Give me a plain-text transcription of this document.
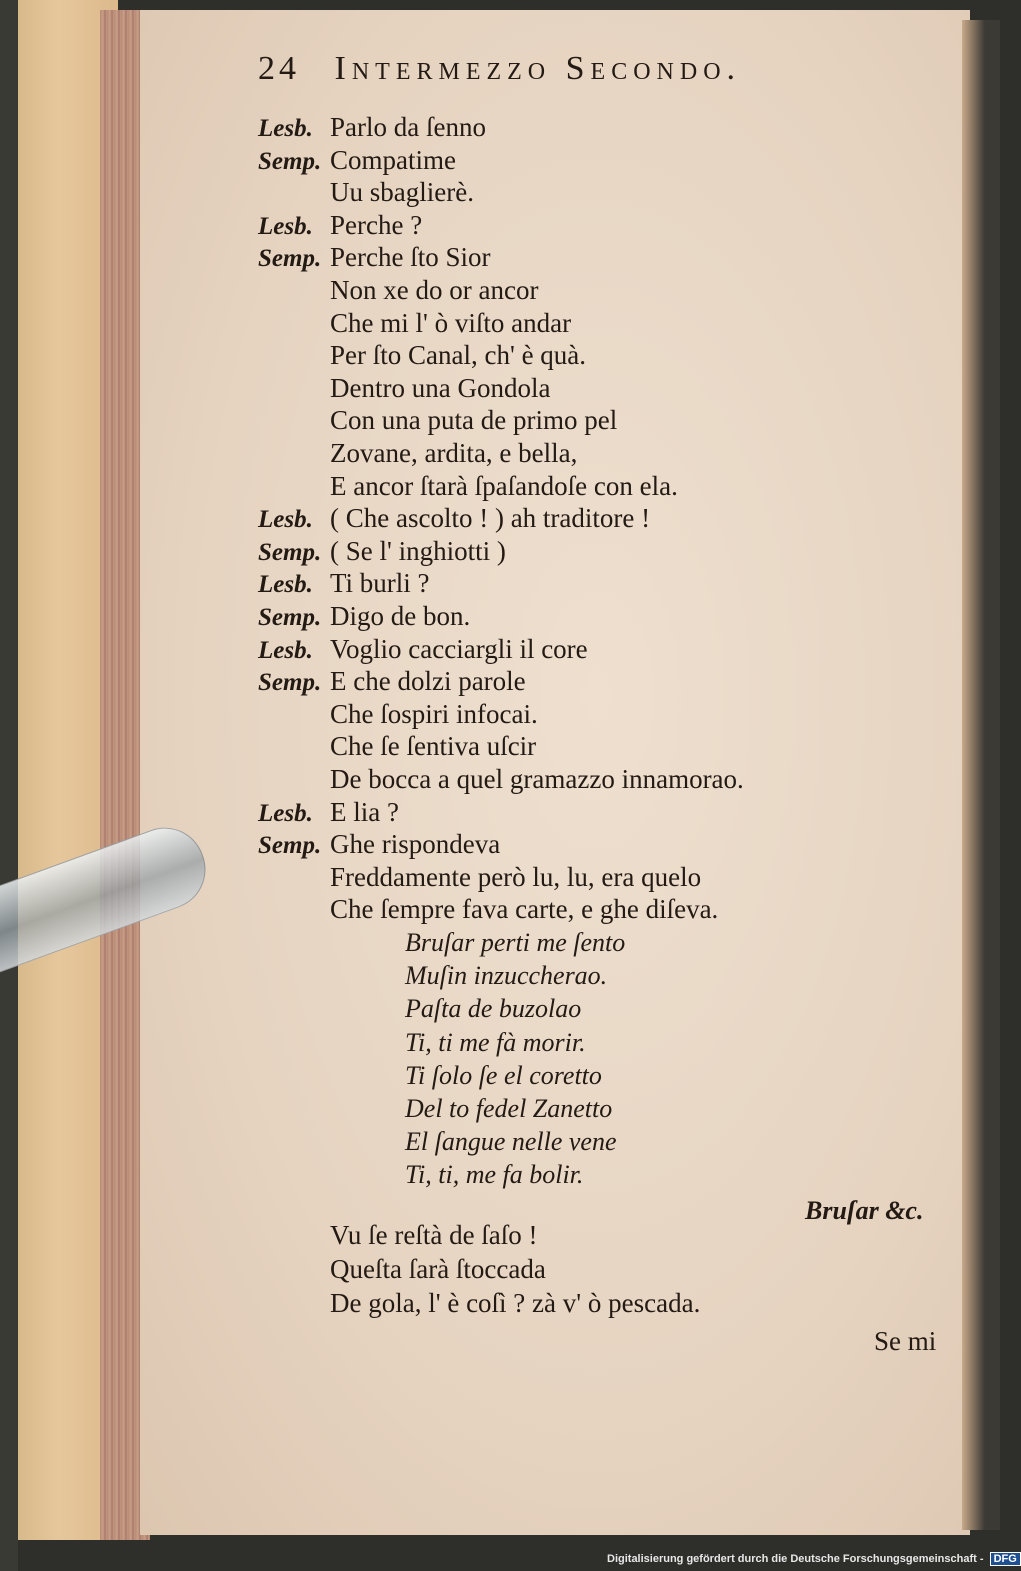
24 Intermezzo Secondo.
Lesb. Parlo da ſenno
Semp. Compatime
Uu sbaglierè.
Lesb. Perche ?
Semp. Perche ſto Sior
Non xe do or ancor
Che mi l' ò viſto andar
Per ſto Canal, ch' è quà.
Dentro una Gondola
Con una puta de primo pel
Zovane, ardita, e bella,
E ancor ſtarà ſpaſandoſe con ela.
Lesb. ( Che ascolto ! ) ah traditore !
Semp. ( Se l' inghiotti )
Lesb. Ti burli ?
Semp. Digo de bon.
Lesb. Voglio cacciargli il core
Semp. E che dolzi parole
Che ſospiri infocai.
Che ſe ſentiva uſcir
De bocca a quel gramazzo innamorao.
Lesb. E lia ?
Semp. Ghe rispondeva
Freddamente però lu, lu, era quelo
Che ſempre fava carte, e ghe diſeva.
Bruſar perti me ſento
Muſin inzuccherao.
Paſta de buzolao
Ti, ti me fà morir.
Ti ſolo ſe el coretto
Del to fedel Zanetto
El ſangue nelle vene
Ti, ti, me fa bolir.
Bruſar &c.
Vu ſe reſtà de ſaſo !
Queſta ſarà ſtoccada
De gola, l' è coſì ? zà v' ò pescada.
Se mi
Digitalisierung gefördert durch die Deutsche Forschungsgemeinschaft - DFG
